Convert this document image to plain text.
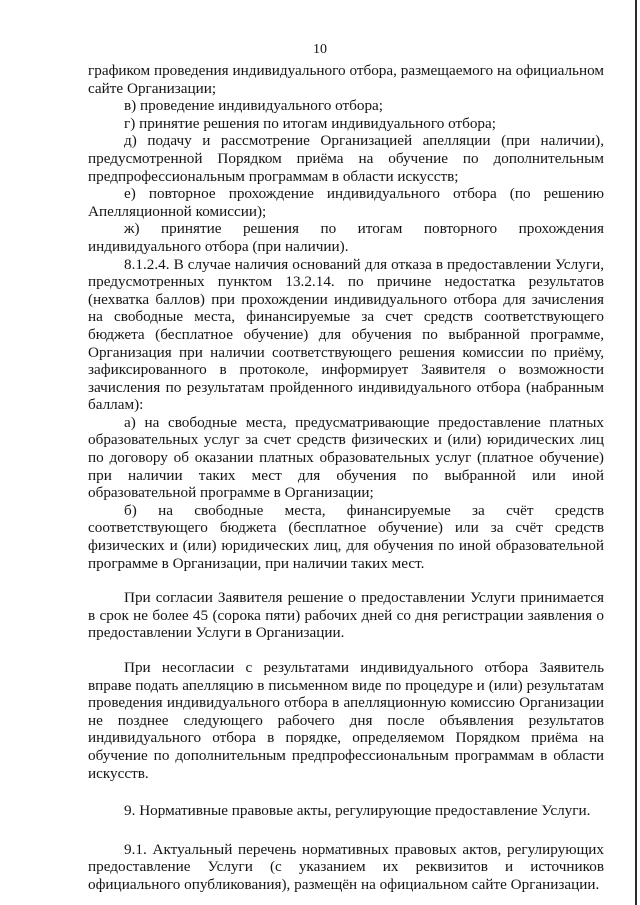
10

графиком проведения индивидуального отбора, размещаемого на официальном сайте Организации;

в) проведение индивидуального отбора;

г) принятие решения по итогам индивидуального отбора;

д) подачу и рассмотрение Организацией апелляции (при наличии), предусмотренной Порядком приёма на обучение по дополнительным предпрофессиональным программам в области искусств;

е) повторное прохождение индивидуального отбора (по решению Апелляционной комиссии);

ж) принятие решения по итогам повторного прохождения индивидуального отбора (при наличии).

8.1.2.4. В случае наличия оснований для отказа в предоставлении Услуги, предусмотренных пунктом 13.2.14. по причине недостатка результатов (нехватка баллов) при прохождении индивидуального отбора для зачисления на свободные места, финансируемые за счет средств соответствующего бюджета (бесплатное обучение) для обучения по выбранной программе, Организация при наличии соответствующего решения комиссии по приёму, зафиксированного в протоколе, информирует Заявителя о возможности зачисления по результатам пройденного индивидуального отбора (набранным баллам):

а) на свободные места, предусматривающие предоставление платных образовательных услуг за счет средств физических и (или) юридических лиц по договору об оказании платных образовательных услуг (платное обучение) при наличии таких мест для обучения по выбранной или иной образовательной программе в Организации;

б) на свободные места, финансируемые за счёт средств соответствующего бюджета (бесплатное обучение) или за счёт средств физических и (или) юридических лиц, для обучения по иной образовательной программе в Организации, при наличии таких мест.

При согласии Заявителя решение о предоставлении Услуги принимается в срок не более 45 (сорока пяти) рабочих дней со дня регистрации заявления о предоставлении Услуги в Организации.

При несогласии с результатами индивидуального отбора Заявитель вправе подать апелляцию в письменном виде по процедуре и (или) результатам проведения индивидуального отбора в апелляционную комиссию Организации не позднее следующего рабочего дня после объявления результатов индивидуального отбора в порядке, определяемом Порядком приёма на обучение по дополнительным предпрофессиональным программам в области искусств.

9. Нормативные правовые акты, регулирующие предоставление Услуги.

9.1. Актуальный перечень нормативных правовых актов, регулирующих предоставление Услуги (с указанием их реквизитов и источников официального опубликования), размещён на официальном сайте Организации.
